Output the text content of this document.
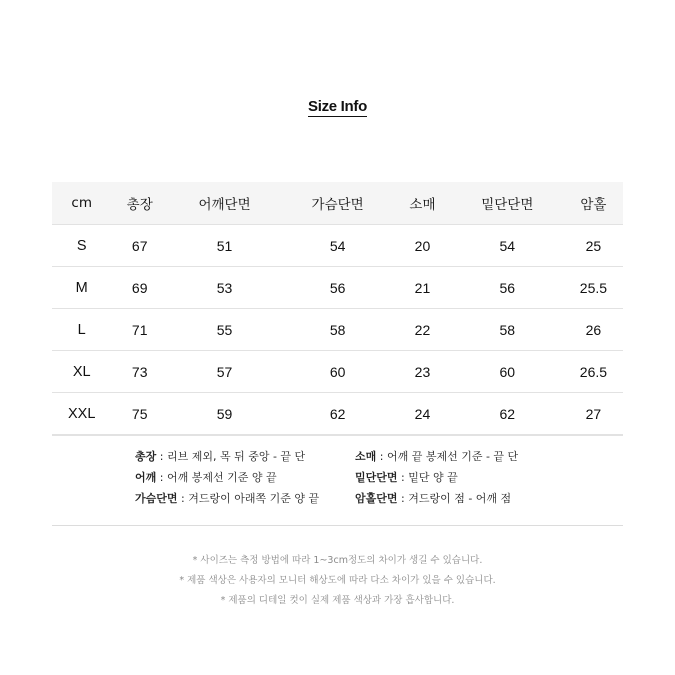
Size Info
cm	총장	어깨단면	가슴단면	소매	밑단단면	암홀
S	67	51	54	20	54	25
M	69	53	56	21	56	25.5
L	71	55	58	22	58	26
XL	73	57	60	23	60	26.5
XXL	75	59	62	24	62	27
총장 : 리브 제외, 목 뒤 중앙 - 끝 단	소매 : 어깨 끝 봉제선 기준 - 끝 단
어깨 : 어깨 봉제선 기준 양 끝	밑단단면 : 밑단 양 끝
가슴단면 : 겨드랑이 아래쪽 기준 양 끝	암홀단면 : 겨드랑이 점 - 어깨 점
* 사이즈는 측정 방법에 따라 1~3cm정도의 차이가 생길 수 있습니다.
* 제품 색상은 사용자의 모니터 해상도에 따라 다소 차이가 있을 수 있습니다.
* 제품의 디테일 컷이 실제 제품 색상과 가장 흡사합니다.
